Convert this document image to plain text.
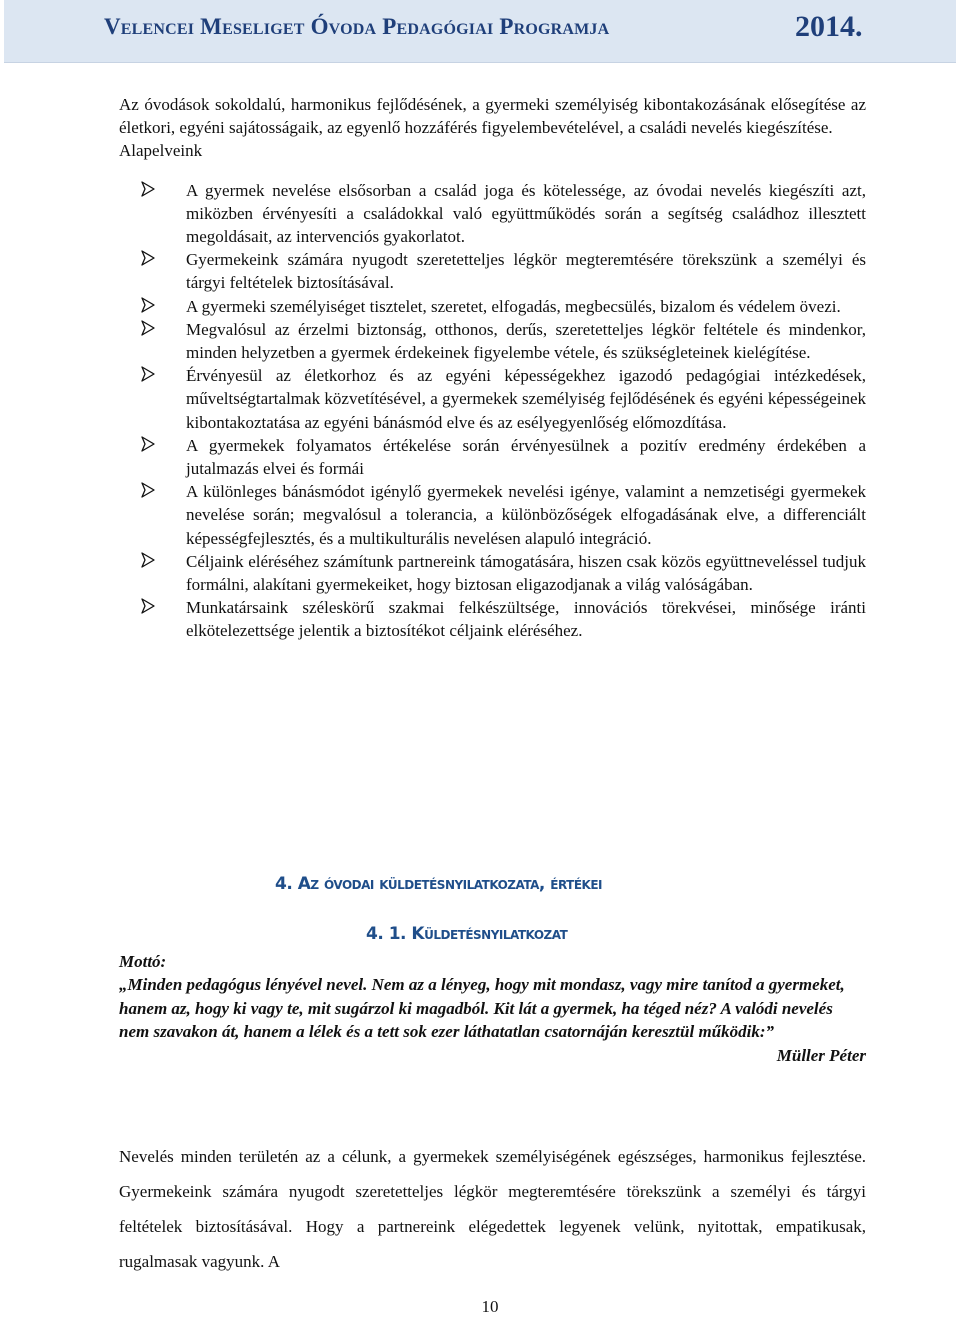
Velencei Meseliget Óvoda Pedagógiai Programja	2014.

Az óvodások sokoldalú, harmonikus fejlődésének, a gyermeki személyiség kibontakozásának elősegítése az életkori, egyéni sajátosságaik, az egyenlő hozzáférés figyelembevételével, a családi nevelés kiegészítése.

Alapelveink

A gyermek nevelése elsősorban a család joga és kötelessége, az óvodai nevelés kiegészíti azt, miközben érvényesíti a családokkal való együttműködés során a segítség családhoz illesztett megoldásait, az intervenciós gyakorlatot.
Gyermekeink számára nyugodt szeretetteljes légkör megteremtésére törekszünk a személyi és tárgyi feltételek biztosításával.
A gyermeki személyiséget tisztelet, szeretet, elfogadás, megbecsülés, bizalom és védelem övezi.
Megvalósul az érzelmi biztonság, otthonos, derűs, szeretetteljes légkör feltétele és mindenkor, minden helyzetben a gyermek érdekeinek figyelembe vétele, és szükségleteinek kielégítése.
Érvényesül az életkorhoz és az egyéni képességekhez igazodó pedagógiai intézkedések, műveltségtartalmak közvetítésével, a gyermekek személyiség fejlődésének és egyéni képességeinek kibontakoztatása az egyéni bánásmód elve és az esélyegyenlőség előmozdítása.
A gyermekek folyamatos értékelése során érvényesülnek a pozitív eredmény érdekében a jutalmazás elvei és formái
A különleges bánásmódot igénylő gyermekek nevelési igénye, valamint a nemzetiségi gyermekek nevelése során; megvalósul a tolerancia, a különbözőségek elfogadásának elve, a differenciált képességfejlesztés, és a multikulturális nevelésen alapuló integráció.
Céljaink eléréséhez számítunk partnereink támogatására, hiszen csak közös együttneveléssel tudjuk formálni, alakítani gyermekeiket, hogy biztosan eligazodjanak a világ valóságában.
Munkatársaink széleskörű szakmai felkészültsége, innovációs törekvései, minősége iránti elkötelezettsége jelentik a biztosítékot céljaink eléréséhez.
4. Az óvodai küldetésnyilatkozata, értékei
4. 1. Küldetésnyilatkozat

Mottó:

„Minden pedagógus lényével nevel. Nem az a lényeg, hogy mit mondasz, vagy mire tanítod a gyermeket, hanem az, hogy ki vagy te, mit sugárzol ki magadból. Kit lát a gyermek, ha téged néz? A valódi nevelés nem szavakon át, hanem a lélek és a tett sok ezer láthatatlan csatornáján keresztül működik:”

Müller Péter

Nevelés minden területén az a célunk, a gyermekek személyiségének egészséges, harmonikus fejlesztése. Gyermekeink számára nyugodt szeretetteljes légkör megteremtésére törekszünk a személyi és tárgyi feltételek biztosításával. Hogy a partnereink elégedettek legyenek velünk, nyitottak, empatikusak, rugalmasak vagyunk. A

10
